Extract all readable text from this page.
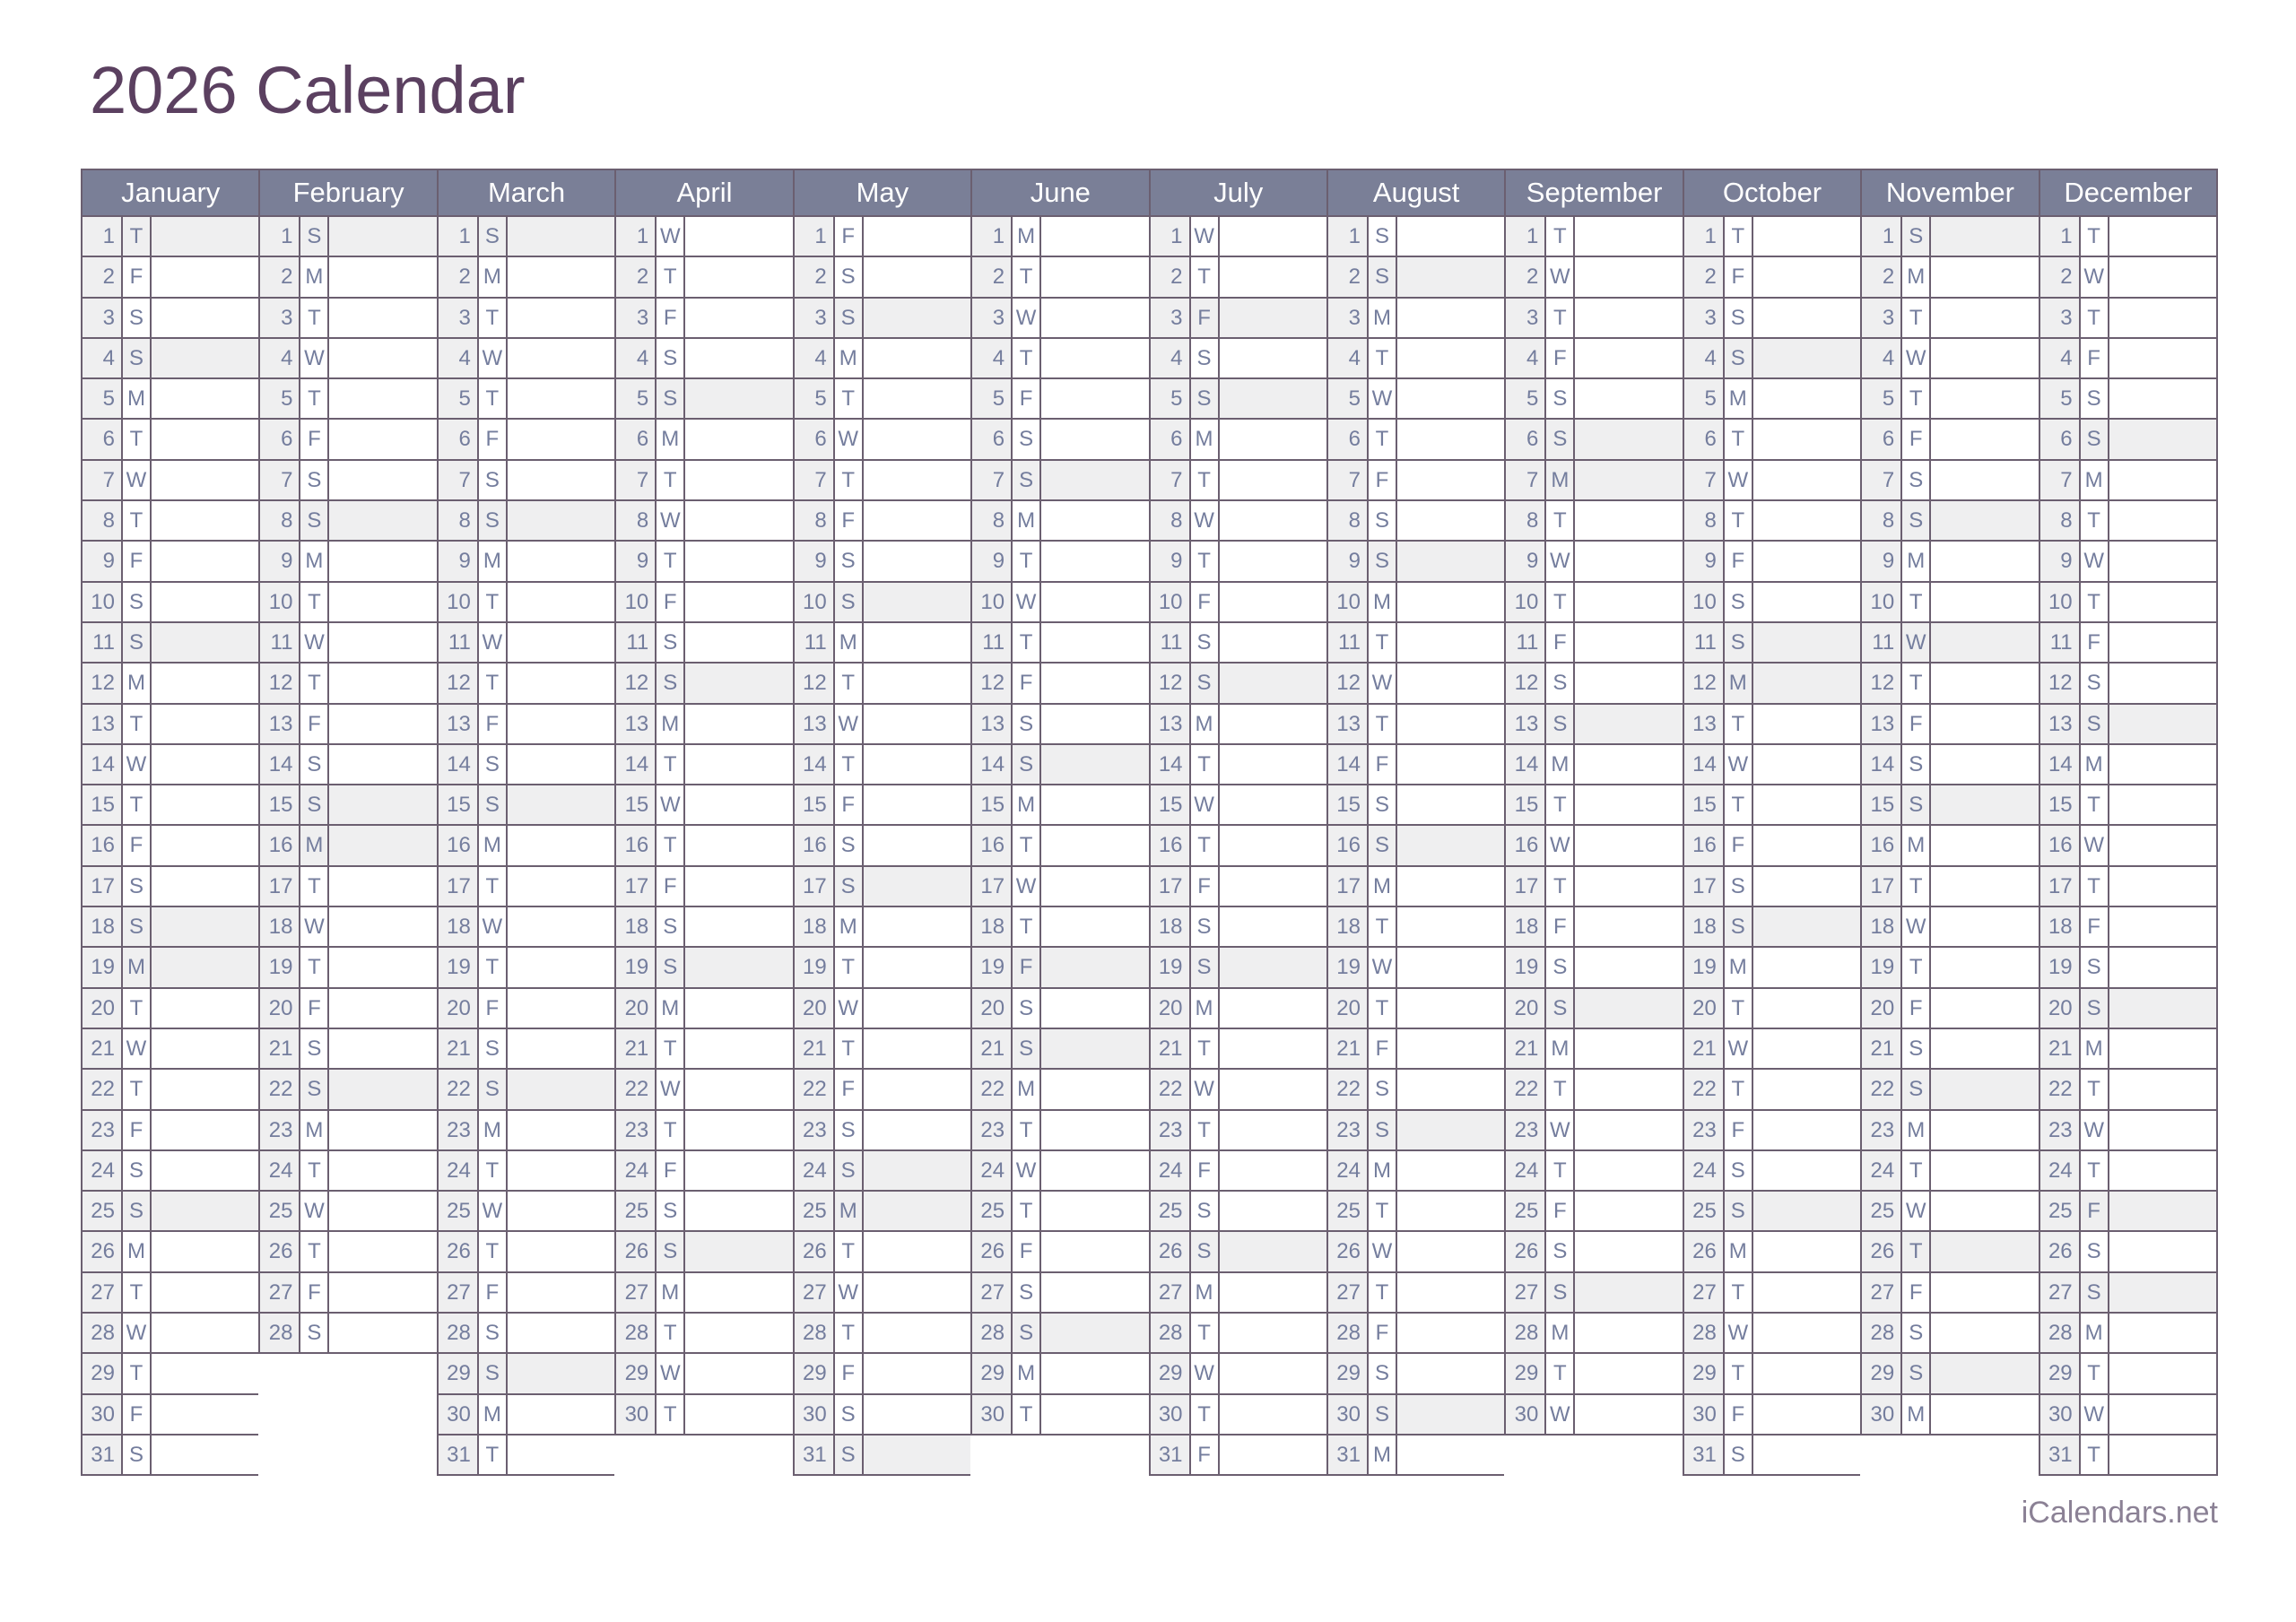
2026 Calendar
January
1 T
2 F
3 S
4 S
5 M
6 T
7 W
8 T
9 F
10 S
11 S
12 M
13 T
14 W
15 T
16 F
17 S
18 S
19 M
20 T
21 W
22 T
23 F
24 S
25 S
26 M
27 T
28 W
29 T
30 F
31 S
February
1 S
2 M
3 T
4 W
5 T
6 F
7 S
8 S
9 M
10 T
11 W
12 T
13 F
14 S
15 S
16 M
17 T
18 W
19 T
20 F
21 S
22 S
23 M
24 T
25 W
26 T
27 F
28 S
March
1 S
2 M
3 T
4 W
5 T
6 F
7 S
8 S
9 M
10 T
11 W
12 T
13 F
14 S
15 S
16 M
17 T
18 W
19 T
20 F
21 S
22 S
23 M
24 T
25 W
26 T
27 F
28 S
29 S
30 M
31 T
April
1 W
2 T
3 F
4 S
5 S
6 M
7 T
8 W
9 T
10 F
11 S
12 S
13 M
14 T
15 W
16 T
17 F
18 S
19 S
20 M
21 T
22 W
23 T
24 F
25 S
26 S
27 M
28 T
29 W
30 T
May
1 F
2 S
3 S
4 M
5 T
6 W
7 T
8 F
9 S
10 S
11 M
12 T
13 W
14 T
15 F
16 S
17 S
18 M
19 T
20 W
21 T
22 F
23 S
24 S
25 M
26 T
27 W
28 T
29 F
30 S
31 S
June
1 M
2 T
3 W
4 T
5 F
6 S
7 S
8 M
9 T
10 W
11 T
12 F
13 S
14 S
15 M
16 T
17 W
18 T
19 F
20 S
21 S
22 M
23 T
24 W
25 T
26 F
27 S
28 S
29 M
30 T
July
1 W
2 T
3 F
4 S
5 S
6 M
7 T
8 W
9 T
10 F
11 S
12 S
13 M
14 T
15 W
16 T
17 F
18 S
19 S
20 M
21 T
22 W
23 T
24 F
25 S
26 S
27 M
28 T
29 W
30 T
31 F
August
1 S
2 S
3 M
4 T
5 W
6 T
7 F
8 S
9 S
10 M
11 T
12 W
13 T
14 F
15 S
16 S
17 M
18 T
19 W
20 T
21 F
22 S
23 S
24 M
25 T
26 W
27 T
28 F
29 S
30 S
31 M
September
1 T
2 W
3 T
4 F
5 S
6 S
7 M
8 T
9 W
10 T
11 F
12 S
13 S
14 M
15 T
16 W
17 T
18 F
19 S
20 S
21 M
22 T
23 W
24 T
25 F
26 S
27 S
28 M
29 T
30 W
October
1 T
2 F
3 S
4 S
5 M
6 T
7 W
8 T
9 F
10 S
11 S
12 M
13 T
14 W
15 T
16 F
17 S
18 S
19 M
20 T
21 W
22 T
23 F
24 S
25 S
26 M
27 T
28 W
29 T
30 F
31 S
November
1 S
2 M
3 T
4 W
5 T
6 F
7 S
8 S
9 M
10 T
11 W
12 T
13 F
14 S
15 S
16 M
17 T
18 W
19 T
20 F
21 S
22 S
23 M
24 T
25 W
26 T
27 F
28 S
29 S
30 M
December
1 T
2 W
3 T
4 F
5 S
6 S
7 M
8 T
9 W
10 T
11 F
12 S
13 S
14 M
15 T
16 W
17 T
18 F
19 S
20 S
21 M
22 T
23 W
24 T
25 F
26 S
27 S
28 M
29 T
30 W
31 T
iCalendars.net
